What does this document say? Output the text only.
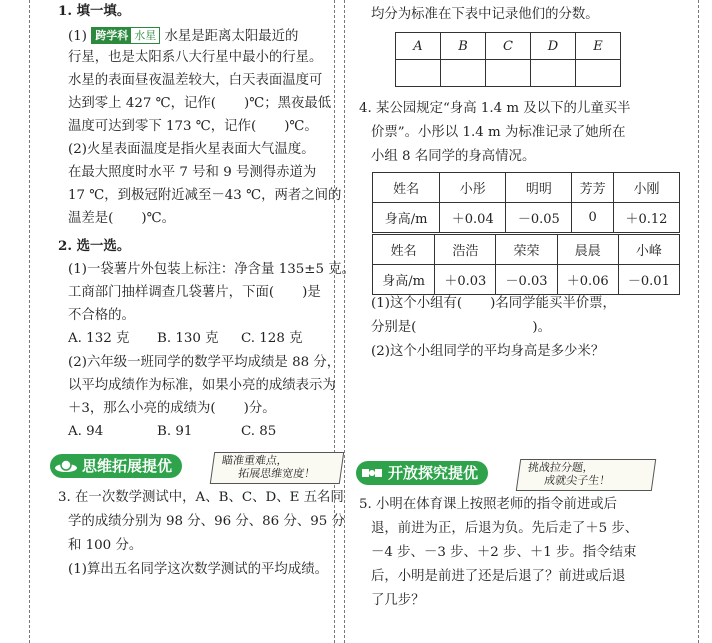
1. 填一填。
(1) 跨学科 水星 水星是距离太阳最近的
行星，也是太阳系八大行星中最小的行星。
水星的表面昼夜温差较大，白天表面温度可
达到零上 427 ℃，记作( )℃；黑夜最低
温度可达到零下 173 ℃，记作( )℃。
(2)火星表面温度是指火星表面大气温度。
在最大照度时水平 7 号和 9 号测得赤道为
17 ℃，到极冠附近减至－43 ℃，两者之间的
温差是( )℃。
2. 选一选。
(1)一袋薯片外包装上标注：净含量 135±5 克。
工商部门抽样调查几袋薯片，下面( )是
不合格的。
A. 132 克 B. 130 克 C. 128 克
(2)六年级一班同学的数学平均成绩是 88 分，
以平均成绩作为标准，如果小亮的成绩表示为
＋3，那么小亮的成绩为( )分。
A. 94	B. 91	C. 85
思维拓展提优	瞄准重难点，
拓展思维宽度！
3. 在一次数学测试中，A、B、C、D、E 五名同
学的成绩分别为 98 分、96 分、86 分、95 分
和 100 分。
(1)算出五名同学这次数学测试的平均成绩。
均分为标准在下表中记录他们的分数。
A	B	C	D	E

4. 某公园规定“身高 1.4 m 及以下的儿童买半
价票”。小彤以 1.4 m 为标准记录了她所在
小组 8 名同学的身高情况。
姓名	小彤	明明	芳芳	小刚
身高/m	＋0.04	－0.05	0	＋0.12
姓名	浩浩	荣荣	晨晨	小峰
身高/m	＋0.03	－0.03	＋0.06	－0.01
(1)这个小组有( )名同学能买半价票，
分别是(	)。
(2)这个小组同学的平均身高是多少米？
开放探究提优	挑战拉分题，
成就尖子生！
5. 小明在体育课上按照老师的指令前进或后
退，前进为正，后退为负。先后走了＋5 步、
－4 步、－3 步、＋2 步、＋1 步。指令结束
后，小明是前进了还是后退了？前进或后退
了几步？
